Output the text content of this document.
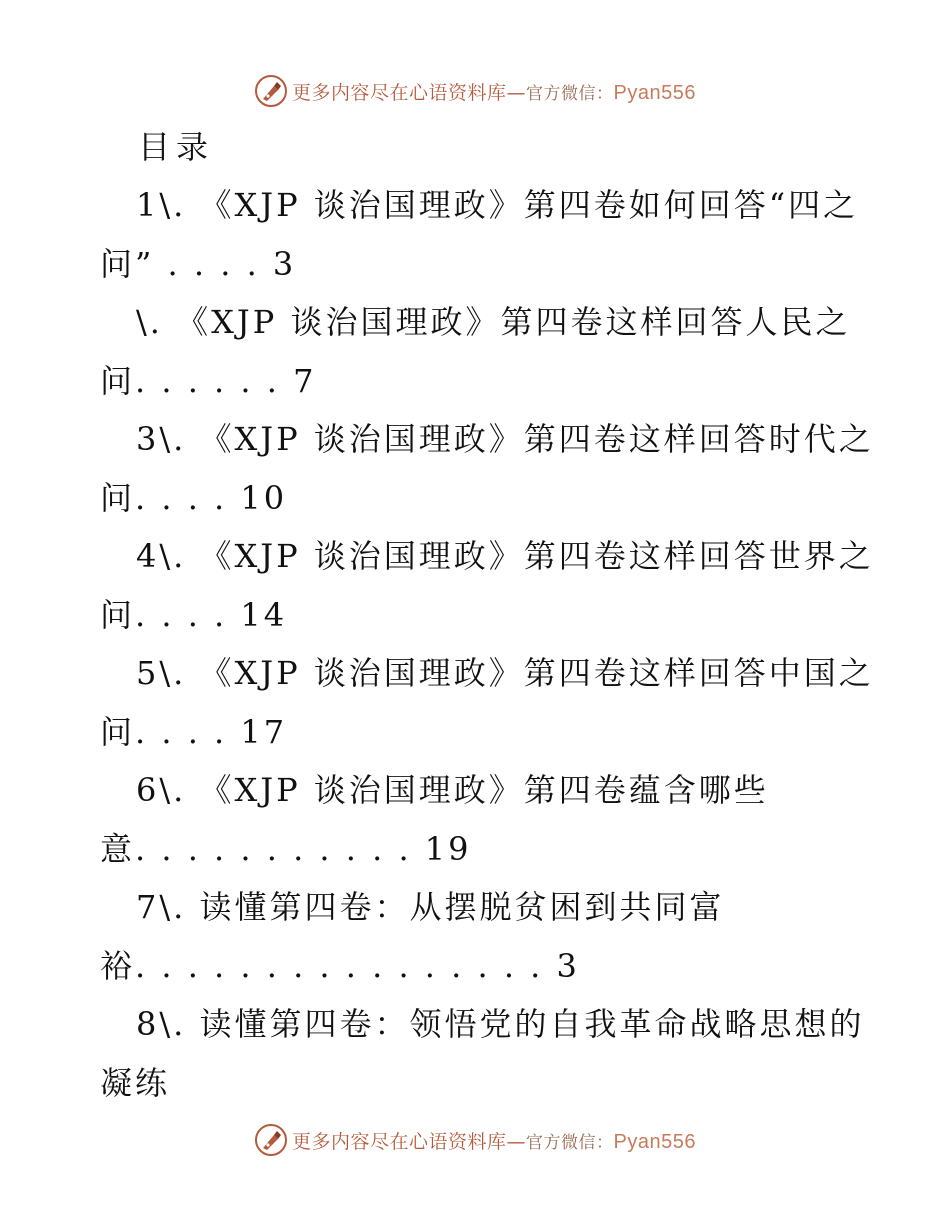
更多内容尽在心语资料库—官方微信：Pyan556
目录
1\. 《XJP 谈治国理政》第四卷如何回答“四之
问” . . . . 3
\. 《XJP 谈治国理政》第四卷这样回答人民之
问. . . . . . 7
3\. 《XJP 谈治国理政》第四卷这样回答时代之
问. . . . 10
4\. 《XJP 谈治国理政》第四卷这样回答世界之
问. . . . 14
5\. 《XJP 谈治国理政》第四卷这样回答中国之
问. . . . 17
6\. 《XJP 谈治国理政》第四卷蕴含哪些
意. . . . . . . . . . . 19
7\. 读懂第四卷：从摆脱贫困到共同富
裕. . . . . . . . . . . . . . . . 3
8\. 读懂第四卷：领悟党的自我革命战略思想的
凝练
更多内容尽在心语资料库—官方微信：Pyan556
